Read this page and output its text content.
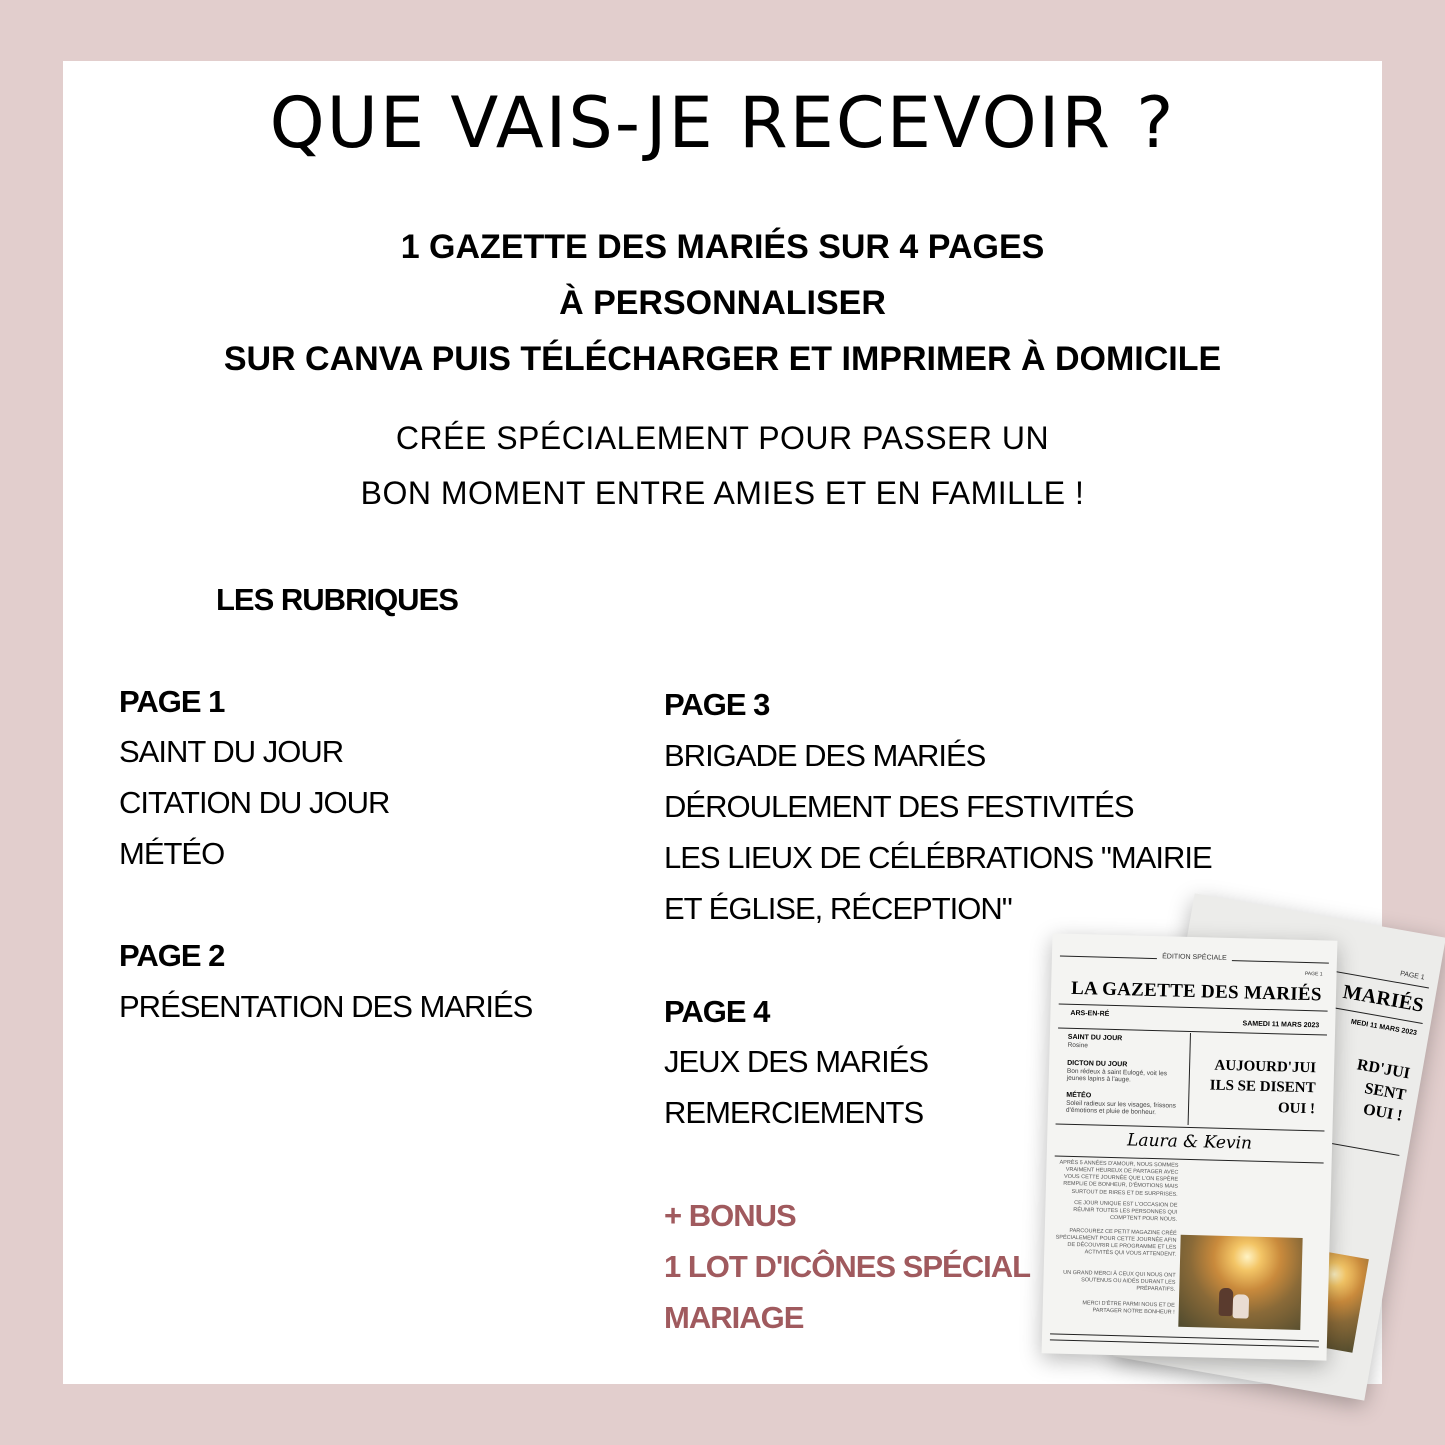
QUE VAIS-JE RECEVOIR ?
1 GAZETTE DES MARIÉS SUR 4 PAGES
À PERSONNALISER
SUR CANVA PUIS TÉLÉCHARGER ET IMPRIMER À DOMICILE
CRÉE SPÉCIALEMENT POUR PASSER UN
BON MOMENT ENTRE AMIES ET EN FAMILLE !
LES RUBRIQUES
PAGE 1
SAINT DU JOUR
CITATION DU JOUR
MÉTÉO
PAGE 2
PRÉSENTATION DES MARIÉS
PAGE 3
BRIGADE DES MARIÉS
DÉROULEMENT DES FESTIVITÉS
LES LIEUX DE CÉLÉBRATIONS "MAIRIE
ET ÉGLISE, RÉCEPTION"
PAGE 4
JEUX DES MARIÉS
REMERCIEMENTS
+ BONUS
1 LOT D'ICÔNES SPÉCIAL
MARIAGE
PAGE 1
MARIÉS
MEDI 11 MARS 2023
RD'JUI
SENT
OUI !
ÉDITION SPÉCIALE
PAGE 1
LA GAZETTE DES MARIÉS
ARS-EN-RÉ
SAMEDI 11 MARS 2023
SAINT DU JOUR
Rosine
DICTON DU JOUR
Bon rédeux à saint Eulogé, voit les jeunes lapins à l'auge.
MÉTÉO
Soleil radieux sur les visages, frissons d'émotions et pluie de bonheur.
AUJOURD'JUI
ILS SE DISENT
OUI !
Laura & Kevin
APRÈS 5 ANNÉES D'AMOUR, NOUS SOMMES VRAIMENT HEUREUX DE PARTAGER AVEC VOUS CETTE JOURNÉE QUE L'ON ESPÈRE REMPLIE DE BONHEUR, D'ÉMOTIONS MAIS SURTOUT DE RIRES ET DE SURPRISES.
CE JOUR UNIQUE EST L'OCCASION DE RÉUNIR TOUTES LES PERSONNES QUI COMPTENT POUR NOUS.
PARCOUREZ CE PETIT MAGAZINE CRÉÉ SPÉCIALEMENT POUR CETTE JOURNÉE AFIN DE DÉCOUVRIR LE PROGRAMME ET LES ACTIVITÉS QUI VOUS ATTENDENT.
UN GRAND MERCI À CEUX QUI NOUS ONT SOUTENUS OU AIDÉS DURANT LES PRÉPARATIFS.
MERCI D'ÊTRE PARMI NOUS ET DE PARTAGER NOTRE BONHEUR !
